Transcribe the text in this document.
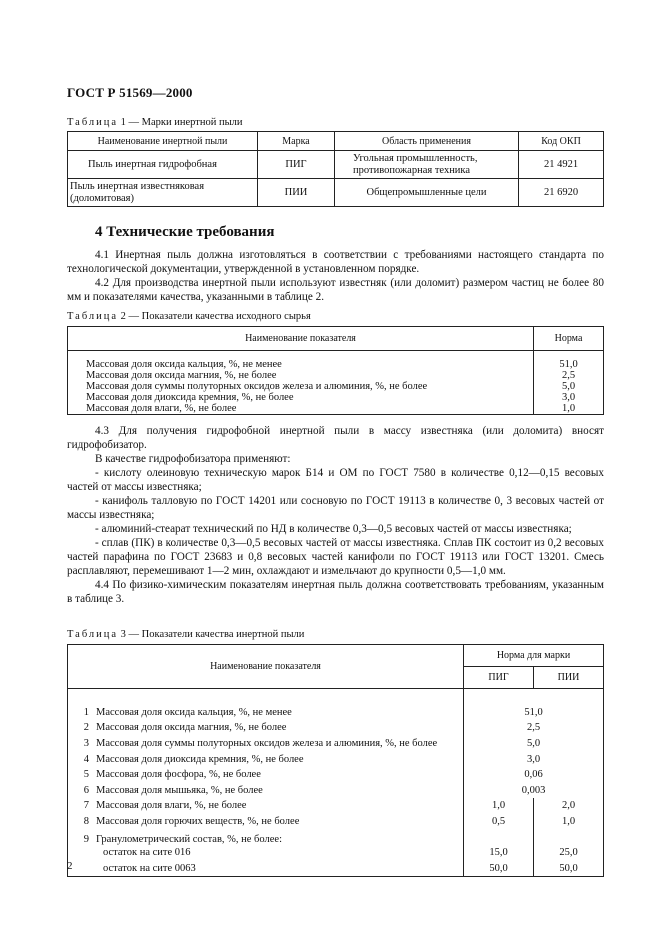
ГОСТ Р 51569—2000
Таблица 1 — Марки инертной пыли
Наименование инертной пыли	Марка	Область применения	Код ОКП
Пыль инертная гидрофобная	ПИГ	Угольная промышленность, противопожарная техника	21 4921
Пыль инертная известняковая (доломитовая)	ПИИ	Общепромышленные цели	21 6920
4 Технические требования
4.1 Инертная пыль должна изготовляться в соответствии с требованиями настоящего стандарта по технологической документации, утвержденной в установленном порядке.
4.2 Для производства инертной пыли используют известняк (или доломит) размером частиц не более 80 мм и показателями качества, указанными в таблице 2.
Таблица 2 — Показатели качества исходного сырья
Наименование показателя	Норма

Массовая доля оксида кальция, %, не менее	51,0
Массовая доля оксида магния, %, не более	2,5
Массовая доля суммы полуторных оксидов железа и алюминия, %, не более	5,0
Массовая доля диоксида кремния, %, не более	3,0
Массовая доля влаги, %, не более	1,0
4.3 Для получения гидрофобной инертной пыли в массу известняка (или доломита) вносят гидрофобизатор.
В качестве гидрофобизатора применяют:
- кислоту олеиновую техническую марок Б14 и ОМ по ГОСТ 7580 в количестве 0,12—0,15 весовых частей от массы известняка;
- канифоль талловую по ГОСТ 14201 или сосновую по ГОСТ 19113 в количестве 0, 3 весовых частей от массы известняка;
- алюминий-стеарат технический по НД в количестве 0,3—0,5 весовых частей от массы известняка;
- сплав (ПК) в количестве 0,3—0,5 весовых частей от массы известняка. Сплав ПК состоит из 0,2 весовых частей парафина по ГОСТ 23683 и 0,8 весовых частей канифоли по ГОСТ 19113 или ГОСТ 13201. Смесь расплавляют, перемешивают 1—2 мин, охлаждают и измельчают до крупности 0,5—1,0 мм.
4.4 По физико-химическим показателям инертная пыль должна соответствовать требованиям, указанным в таблице 3.
Таблица 3 — Показатели качества инертной пыли
Наименование показателя		Норма для марки	
		ПИГ	ПИИ

1	Массовая доля оксида кальция, %, не менее	51,0	
2	Массовая доля оксида магния, %, не более	2,5	
3	Массовая доля суммы полуторных оксидов железа и алюминия, %, не более	5,0	
4	Массовая доля диоксида кремния, %, не более	3,0	
5	Массовая доля фосфора, %, не более	0,06	
6	Массовая доля мышьяка, %, не более	0,003	
7	Массовая доля влаги, %, не более	1,0	2,0
8	Массовая доля горючих веществ, %, не более	0,5	1,0
9	Гранулометрический состав, %, не более:		
	остаток на сите 016	15,0	25,0
	остаток на сите 0063	50,0	50,0
2
